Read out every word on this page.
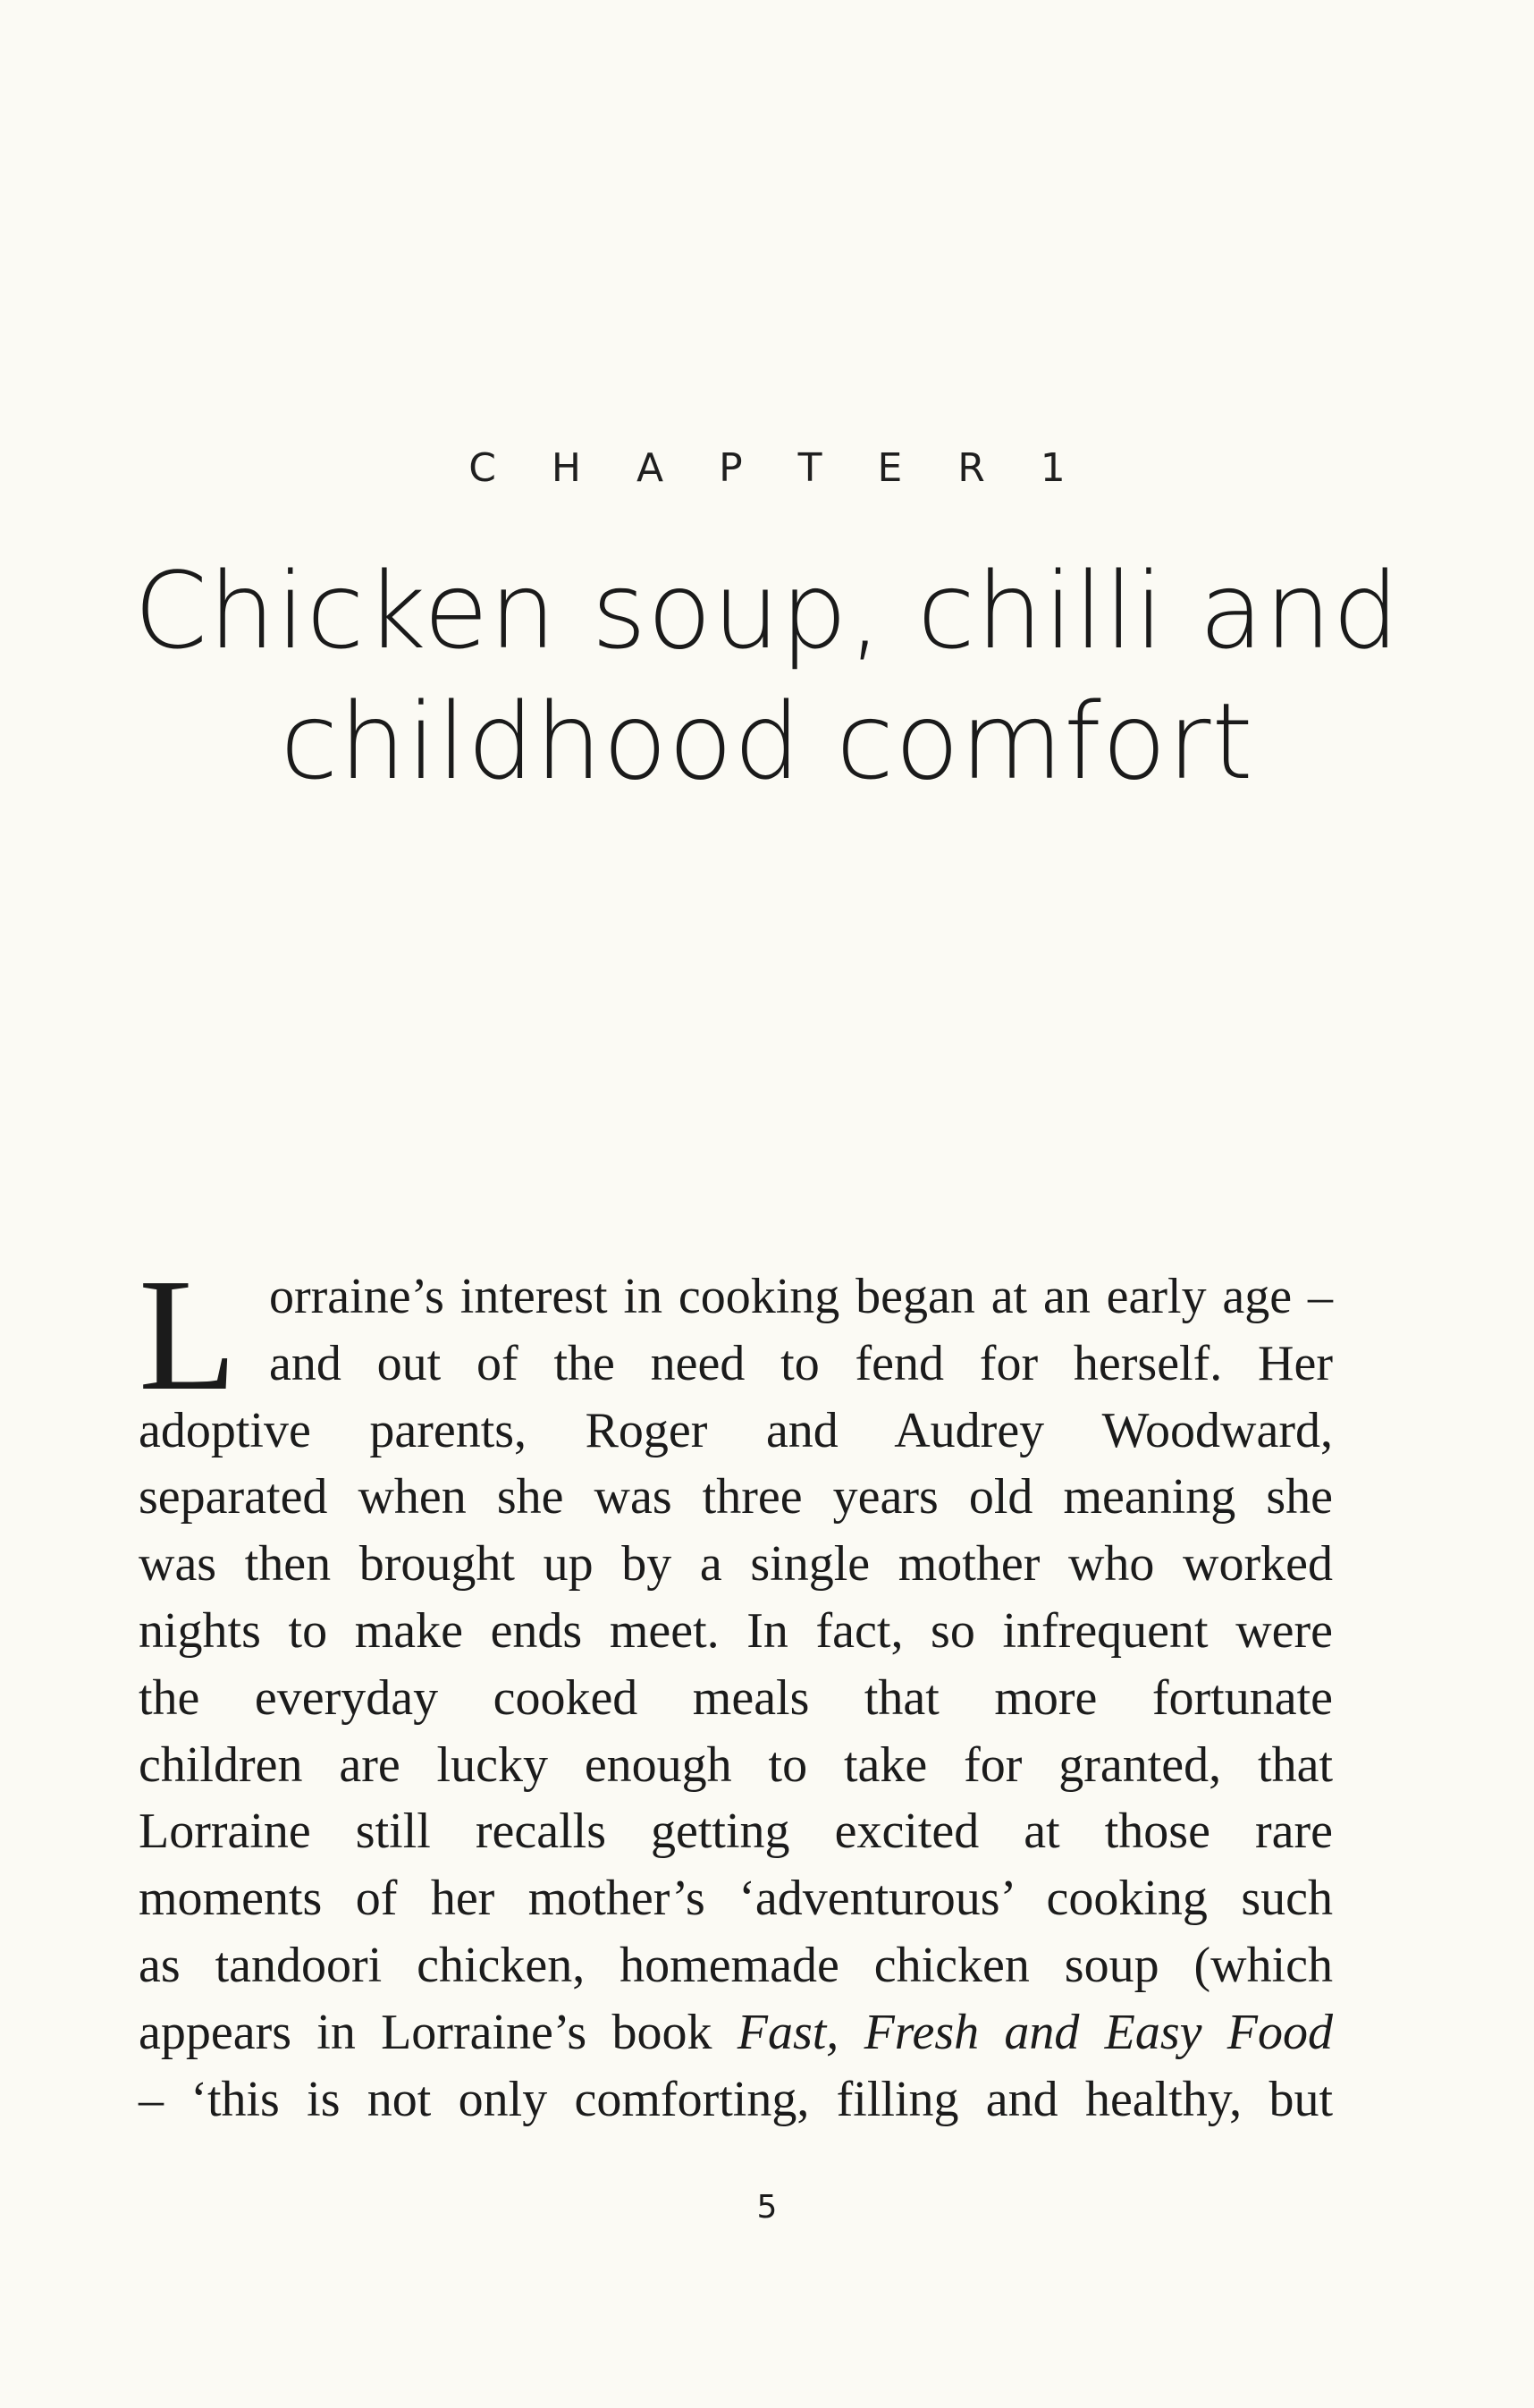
C H A P T E R 1
Chicken soup, chilli and
childhood comfort
L orraine’s interest in cooking began at an early age –
and out of the need to fend for herself. Her
adoptive parents, Roger and Audrey Woodward,
separated when she was three years old meaning she
was then brought up by a single mother who worked
nights to make ends meet. In fact, so infrequent were
the everyday cooked meals that more fortunate
children are lucky enough to take for granted, that
Lorraine still recalls getting excited at those rare
moments of her mother’s ‘adventurous’ cooking such
as tandoori chicken, homemade chicken soup (which
appears in Lorraine’s book Fast, Fresh and Easy Food
– ‘this is not only comforting, filling and healthy, but
5
